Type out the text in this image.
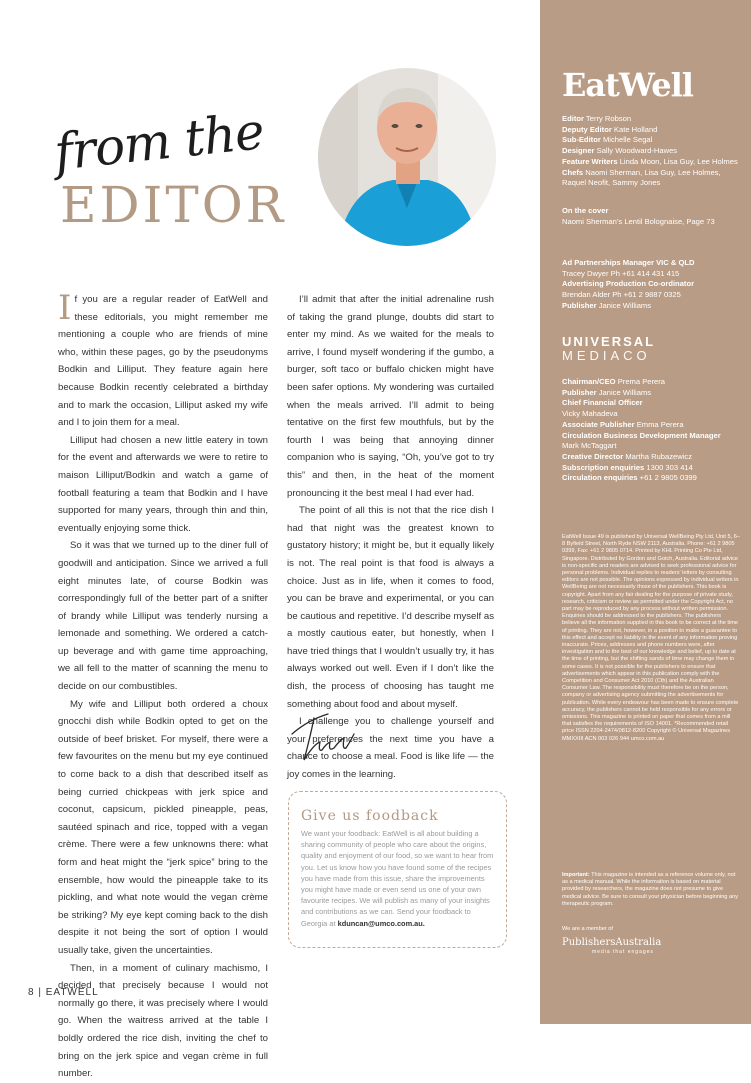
from the
EDITOR

If you are a regular reader of EatWell and these editorials, you might remember me mentioning a couple who are friends of mine who, within these pages, go by the pseudonyms Bodkin and Lilliput. They feature again here because Bodkin recently celebrated a birthday and to mark the occasion, Lilliput asked my wife and I to join them for a meal.

Lilliput had chosen a new little eatery in town for the event and afterwards we were to retire to maison Lilliput/Bodkin and watch a game of football featuring a team that Bodkin and I have supported for many years, through thin and thin, eventually enjoying some thick.

So it was that we turned up to the diner full of goodwill and anticipation. Since we arrived a full eight minutes late, of course Bodkin was correspondingly full of the better part of a snifter of brandy while Lilliput was tenderly nursing a lemonade and something. We ordered a catch-up beverage and with game time approaching, we all fell to the matter of scanning the menu to decide on our combustibles.

My wife and Lilliput both ordered a choux gnocchi dish while Bodkin opted to get on the outside of beef brisket. For myself, there were a few favourites on the menu but my eye continued to come back to a dish that described itself as being curried chickpeas with jerk spice and coconut, capsicum, pickled pineapple, peas, sautéed spinach and rice, topped with a vegan crème. There were a few unknowns there: what form and heat might the “jerk spice” bring to the ensemble, how would the pineapple take to its pickling, and what note would the vegan crème be striking? My eye kept coming back to the dish despite it not being the sort of option I would usually take, given the uncertainties.

Then, in a moment of culinary machismo, I decided that precisely because I would not normally go there, it was precisely where I would go. When the waitress arrived at the table I boldly ordered the rice dish, inviting the chef to bring on the jerk spice and vegan crème in full number.

I’ll admit that after the initial adrenaline rush of taking the grand plunge, doubts did start to enter my mind. As we waited for the meals to arrive, I found myself wondering if the gumbo, a burger, soft taco or buffalo chicken might have been safer options. My wondering was curtailed when the meals arrived. I’ll admit to being tentative on the first few mouthfuls, but by the fourth I was being that annoying dinner companion who is saying, “Oh, you’ve got to try this” and then, in the heat of the moment pronouncing it the best meal I had ever had.

The point of all this is not that the rice dish I had that night was the greatest known to gustatory history; it might be, but it equally likely is not. The real point is that food is always a choice. Just as in life, when it comes to food, you can be brave and experimental, or you can be cautious and repetitive. I’d describe myself as a mostly cautious eater, but honestly, when I have tried things that I wouldn’t usually try, it has always worked out well. Even if I don’t like the dish, the process of choosing has taught me something about food and about myself.

I challenge you to challenge yourself and your preferences the next time you have a chance to choose a meal. Food is like life — the joy comes in the learning.

Give us foodback
We want your foodback: EatWell is all about building a sharing community of people who care about the origins, quality and enjoyment of our food, so we want to hear from you. Let us know how you have found some of the recipes you have made from this issue, share the improvements you might have made or even send us one of your own favourite recipes. We will publish as many of your insights and contributions as we can. Send your foodback to Georgia at kduncan@umco.com.au.
8 | EATWELL
EatWell
Editor Terry Robson
Deputy Editor Kate Holland
Sub-Editor Michelle Segal
Designer Sally Woodward-Hawes
Feature Writers Linda Moon, Lisa Guy, Lee Holmes
Chefs Naomi Sherman, Lisa Guy, Lee Holmes, Raquel Neofit, Sammy Jones
On the cover
Naomi Sherman’s Lentil Bolognaise, Page 73
Ad Partnerships Manager VIC & QLD
Tracey Dwyer Ph +61 414 431 415
Advertising Production Co-ordinator
Brendan Alder Ph +61 2 9887 0325
Publisher Janice Williams
UNIVERSAL
MEDIACO
Chairman/CEO Prema Perera
Publisher Janice Williams
Chief Financial Officer
Vicky Mahadeva
Associate Publisher Emma Perera
Circulation Business Development Manager
Mark McTaggart
Creative Director Martha Rubazewicz
Subscription enquiries 1300 303 414
Circulation enquiries +61 2 9805 0399
EatWell Issue 49 is published by Universal WellBeing Pty Ltd, Unit 5, 6–8 Byfield Street, North Ryde NSW 2113, Australia. Phone: +61 2 9805 0399, Fax: +61 2 9805 0714. Printed by KHL Printing Co Pte Ltd, Singapore. Distributed by Gordon and Gotch, Australia. Editorial advice is non-specific and readers are advised to seek professional advice for personal problems. Individual replies to readers’ letters by consulting editors are not possible. The opinions expressed by individual writers in WellBeing are not necessarily those of the publishers. This book is copyright. Apart from any fair dealing for the purpose of private study, research, criticism or review as permitted under the Copyright Act, no part may be reproduced by any process without written permission. Enquiries should be addressed to the publishers. The publishers believe all the information supplied in this book to be correct at the time of printing. They are not, however, in a position to make a guarantee to this effect and accept no liability in the event of any information proving inaccurate. Prices, addresses and phone numbers were, after investigation and to the best of our knowledge and belief, up to date at the time of printing, but the shifting sands of time may change them in some cases. It is not possible for the publishers to ensure that advertisements which appear in this publication comply with the Competition and Consumer Act 2010 (Cth) and the Australian Consumer Law. The responsibility must therefore be on the person, company or advertising agency submitting the advertisements for publication. While every endeavour has been made to ensure complete accuracy, the publishers cannot be held responsible for any errors or omissions. This magazine is printed on paper that comes from a mill that satisfies the requirements of ISO 14001. *Recommended retail price ISSN 2204-2474/0812-8200 Copyright © Universal Magazines MMXXIII ACN 003 026 944 umco.com.au
Important: This magazine is intended as a reference volume only, not as a medical manual. While the information is based on material provided by researchers, the magazine does not presume to give medical advice. Be sure to consult your physician before beginning any therapeutic program.
We are a member of
PublishersAustralia
media that engages
